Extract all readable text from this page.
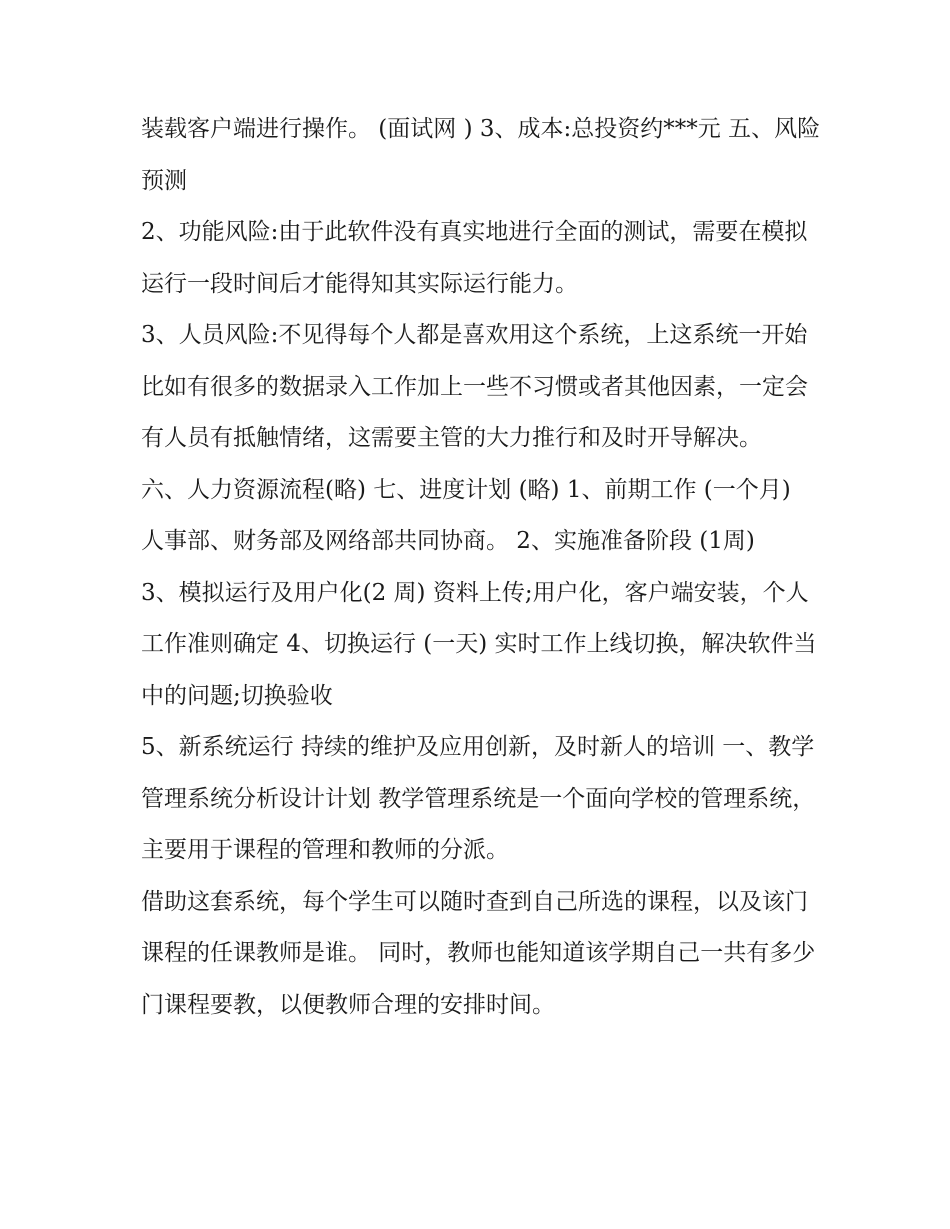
装载客户端进行操作。 (面试网 ) 3、成本:总投资约***元 五、风险预测

2、功能风险:由于此软件没有真实地进行全面的测试，需要在模拟运行一段时间后才能得知其实际运行能力。

3、人员风险:不见得每个人都是喜欢用这个系统，上这系统一开始比如有很多的数据录入工作加上一些不习惯或者其他因素，一定会有人员有抵触情绪，这需要主管的大力推行和及时开导解决。

六、人力资源流程(略) 七、进度计划 (略) 1、前期工作 (一个月) 人事部、财务部及网络部共同协商。 2、实施准备阶段 (1周)

3、模拟运行及用户化(2 周) 资料上传;用户化，客户端安装，个人工作准则确定 4、切换运行 (一天) 实时工作上线切换，解决软件当中的问题;切换验收

5、新系统运行 持续的维护及应用创新，及时新人的培训 一、教学管理系统分析设计计划 教学管理系统是一个面向学校的管理系统，主要用于课程的管理和教师的分派。

借助这套系统，每个学生可以随时查到自己所选的课程，以及该门课程的任课教师是谁。 同时，教师也能知道该学期自己一共有多少门课程要教，以便教师合理的安排时间。
